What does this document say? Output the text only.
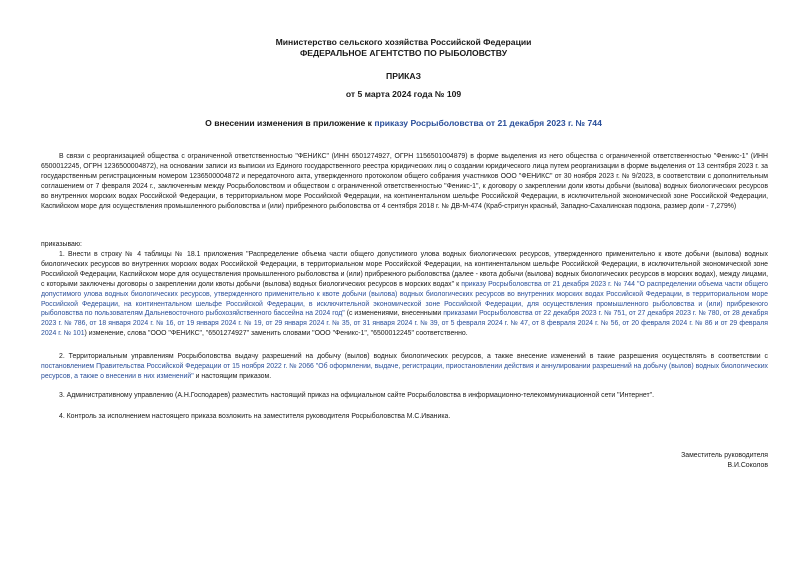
Министерство сельского хозяйства Российской Федерации
ФЕДЕРАЛЬНОЕ АГЕНТСТВО ПО РЫБОЛОВСТВУ
ПРИКАЗ
от 5 марта 2024 года № 109
О внесении изменения в приложение к приказу Росрыболовства от 21 декабря 2023 г. № 744

В связи с реорганизацией общества с ограниченной ответственностью "ФЕНИКС" (ИНН 6501274927, ОГРН 1156501004879) в форме выделения из него общества с ограниченной ответственностью "Феникс-1" (ИНН 6500012245, ОГРН 1236500004872), на основании записи из выписки из Единого государственного реестра юридических лиц о создании юридического лица путем реорганизации в форме выделения от 13 сентября 2023 г. за государственным регистрационным номером 1236500004872 и передаточного акта, утвержденного протоколом общего собрания участников ООО "ФЕНИКС" от 30 ноября 2023 г. № 9/2023, в соответствии с дополнительным соглашением от 7 февраля 2024 г., заключенным между Росрыболовством и обществом с ограниченной ответственностью "Феникс-1", к договору о закреплении доли квоты добычи (вылова) водных биологических ресурсов во внутренних морских водах Российской Федерации, в территориальном море Российской Федерации, на континентальном шельфе Российской Федерации, в исключительной экономической зоне Российской Федерации, Каспийском море для осуществления промышленного рыболовства и (или) прибрежного рыболовства от 4 сентября 2018 г. № ДВ-М-474 (Краб-стригун красный, Западно-Сахалинская подзона, размер доли - 7,279%)

приказываю:

1. Внести в строку № 4 таблицы № 18.1 приложения "Распределение объема части общего допустимого улова водных биологических ресурсов, утвержденного применительно к квоте добычи (вылова) водных биологических ресурсов во внутренних морских водах Российской Федерации, в территориальном море Российской Федерации, на континентальном шельфе Российской Федерации, в исключительной экономической зоне Российской Федерации, Каспийском море для осуществления промышленного рыболовства и (или) прибрежного рыболовства (далее - квота добычи (вылова) водных биологических ресурсов в морских водах), между лицами, с которыми заключены договоры о закреплении доли квоты добычи (вылова) водных биологических ресурсов в морских водах" к приказу Росрыболовства от 21 декабря 2023 г. № 744 "О распределении объема части общего допустимого улова водных биологических ресурсов, утвержденного применительно к квоте добычи (вылова) водных биологических ресурсов во внутренних морских водах Российской Федерации, в территориальном море Российской Федерации, на континентальном шельфе Российской Федерации, в исключительной экономической зоне Российской Федерации, для осуществления промышленного рыболовства и (или) прибрежного рыболовства по пользователям Дальневосточного рыбохозяйственного бассейна на 2024 год" (с изменениями, внесенными приказами Росрыболовства от 22 декабря 2023 г. № 751, от 27 декабря 2023 г. № 780, от 28 декабря 2023 г. № 786, от 18 января 2024 г. № 16, от 19 января 2024 г. № 19, от 29 января 2024 г. № 35, от 31 января 2024 г. № 39, от 5 февраля 2024 г. № 47, от 8 февраля 2024 г. № 56, от 20 февраля 2024 г. № 86 и от 29 февраля 2024 г. № 101) изменение, слова "ООО "ФЕНИКС", "6501274927" заменить словами "ООО "Феникс-1", "6500012245" соответственно.

2. Территориальным управлениям Росрыболовства выдачу разрешений на добычу (вылов) водных биологических ресурсов, а также внесение изменений в такие разрешения осуществлять в соответствии с постановлением Правительства Российской Федерации от 15 ноября 2022 г. № 2066 "Об оформлении, выдаче, регистрации, приостановлении действия и аннулировании разрешений на добычу (вылов) водных биологических ресурсов, а также о внесении в них изменений" и настоящим приказом.

3. Административному управлению (А.Н.Господарев) разместить настоящий приказ на официальном сайте Росрыболовства в информационно-телекоммуникационной сети "Интернет".

4. Контроль за исполнением настоящего приказа возложить на заместителя руководителя Росрыболовства М.С.Иваника.

Заместитель руководителя
В.И.Соколов
